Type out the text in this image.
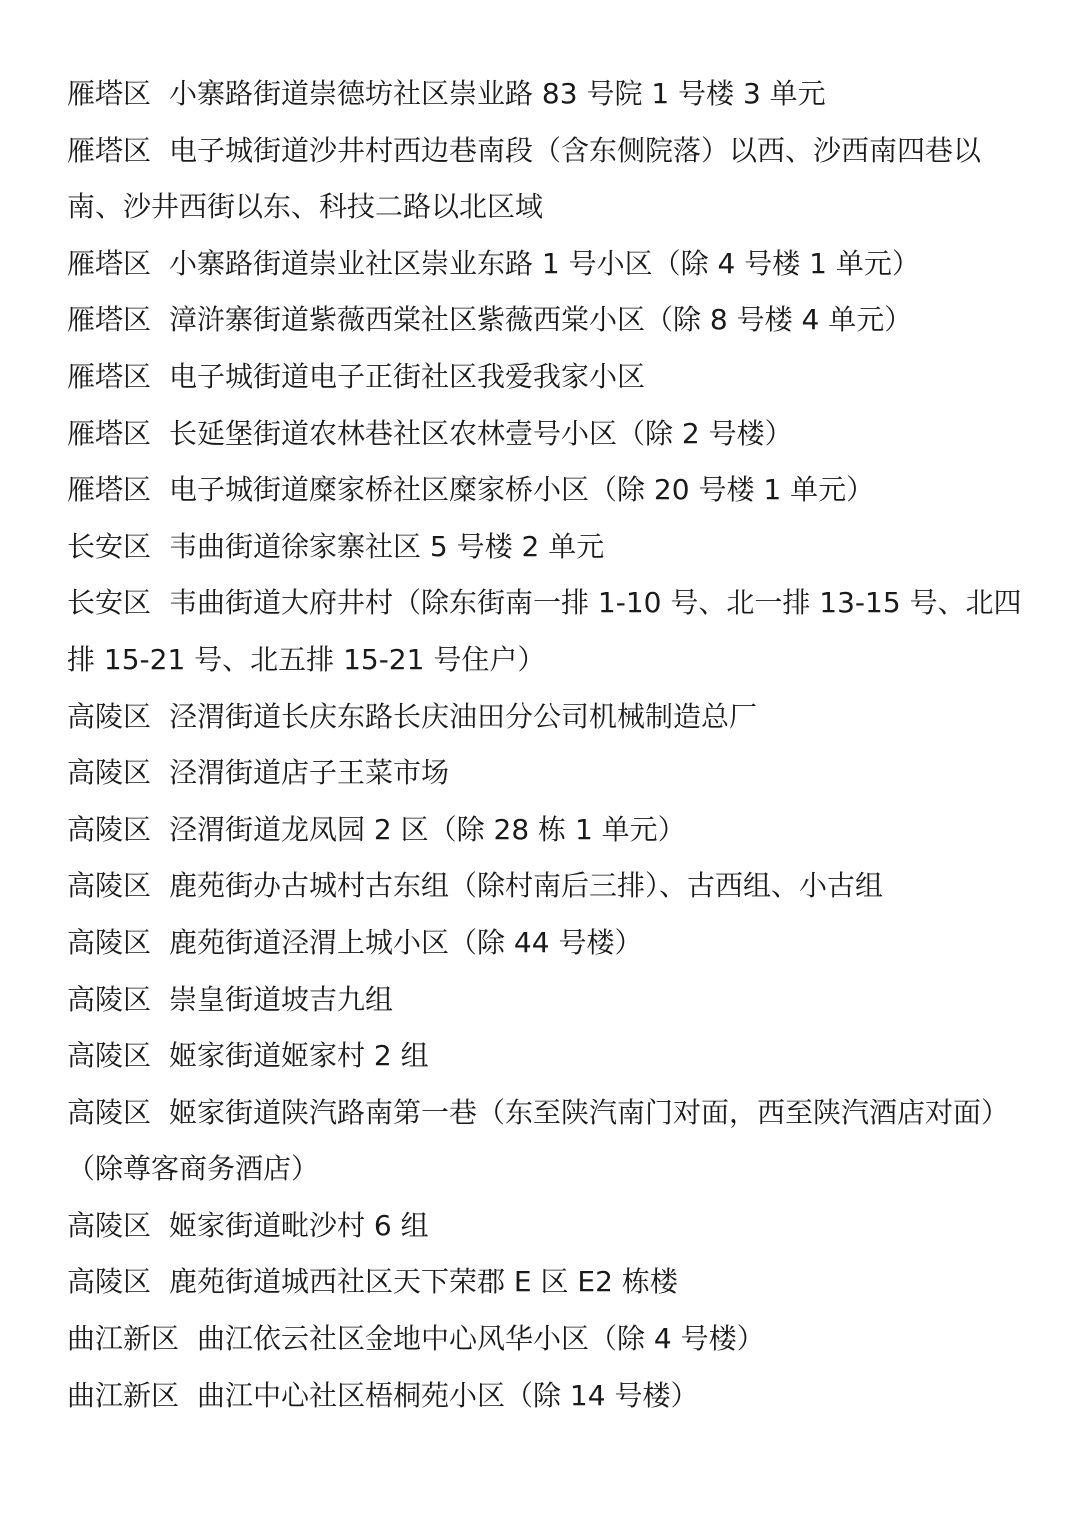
雁塔区 小寨路街道崇德坊社区崇业路 83 号院 1 号楼 3 单元
雁塔区 电子城街道沙井村西边巷南段（含东侧院落）以西、沙西南四巷以
南、沙井西街以东、科技二路以北区域
雁塔区 小寨路街道崇业社区崇业东路 1 号小区（除 4 号楼 1 单元）
雁塔区 漳浒寨街道紫薇西棠社区紫薇西棠小区（除 8 号楼 4 单元）
雁塔区 电子城街道电子正街社区我爱我家小区
雁塔区 长延堡街道农林巷社区农林壹号小区（除 2 号楼）
雁塔区 电子城街道糜家桥社区糜家桥小区（除 20 号楼 1 单元）
长安区 韦曲街道徐家寨社区 5 号楼 2 单元
长安区 韦曲街道大府井村（除东街南一排 1-10 号、北一排 13-15 号、北四
排 15-21 号、北五排 15-21 号住户）
高陵区 泾渭街道长庆东路长庆油田分公司机械制造总厂
高陵区 泾渭街道店子王菜市场
高陵区 泾渭街道龙凤园 2 区（除 28 栋 1 单元）
高陵区 鹿苑街办古城村古东组（除村南后三排）、古西组、小古组
高陵区 鹿苑街道泾渭上城小区（除 44 号楼）
高陵区 崇皇街道坡吉九组
高陵区 姬家街道姬家村 2 组
高陵区 姬家街道陕汽路南第一巷（东至陕汽南门对面，西至陕汽酒店对面）
（除尊客商务酒店）
高陵区 姬家街道毗沙村 6 组
高陵区 鹿苑街道城西社区天下荣郡 E 区 E2 栋楼
曲江新区 曲江依云社区金地中心风华小区（除 4 号楼）
曲江新区 曲江中心社区梧桐苑小区（除 14 号楼）
